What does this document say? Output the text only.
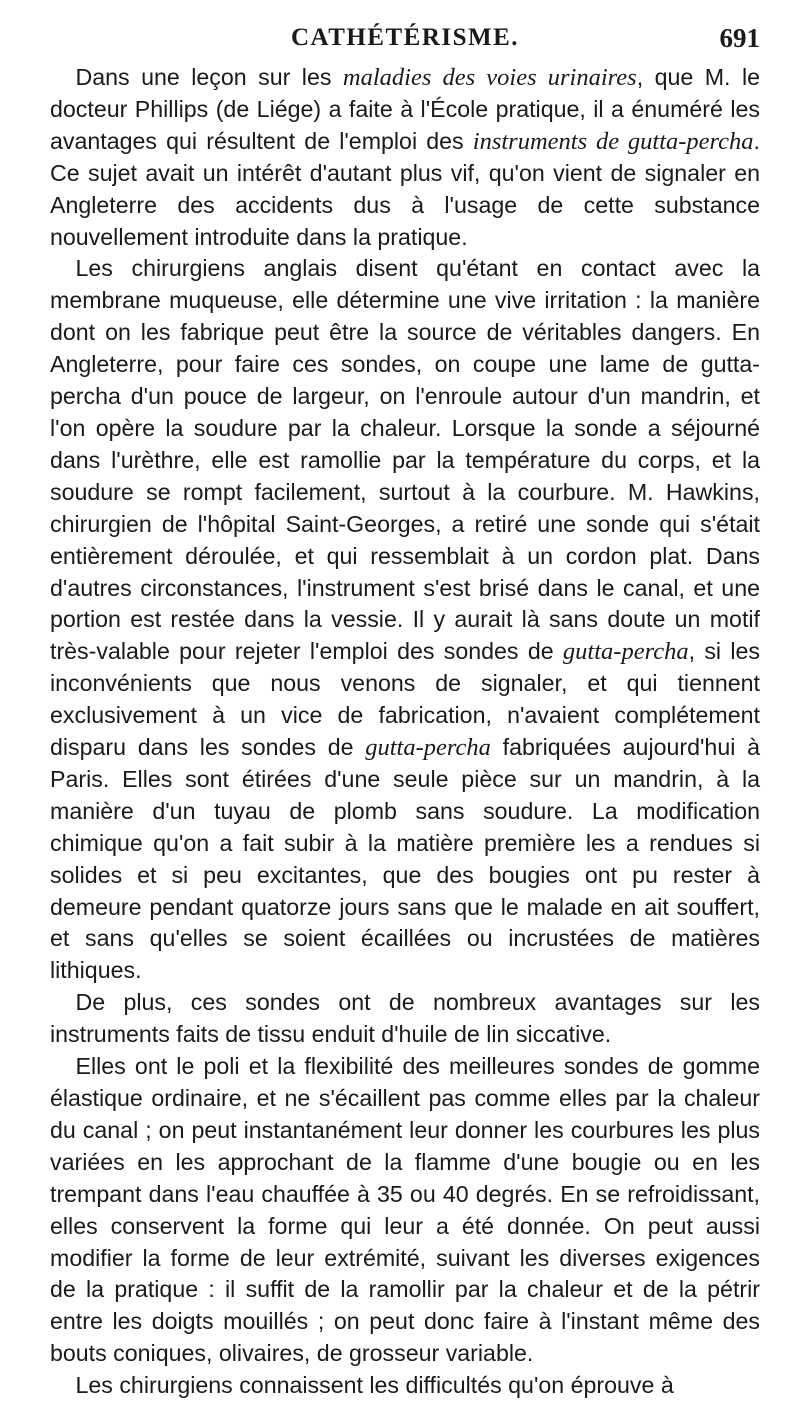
CATHÉTÉRISME.	691

Dans une leçon sur les maladies des voies urinaires, que M. le docteur Phillips (de Liége) a faite à l'École pratique, il a énuméré les avantages qui résultent de l'emploi des instruments de gutta-percha. Ce sujet avait un intérêt d'autant plus vif, qu'on vient de signaler en Angleterre des accidents dus à l'usage de cette substance nouvellement introduite dans la pratique.

Les chirurgiens anglais disent qu'étant en contact avec la membrane muqueuse, elle détermine une vive irritation : la manière dont on les fabrique peut être la source de véritables dangers. En Angleterre, pour faire ces sondes, on coupe une lame de gutta-percha d'un pouce de largeur, on l'enroule autour d'un mandrin, et l'on opère la soudure par la chaleur. Lorsque la sonde a séjourné dans l'urèthre, elle est ramollie par la température du corps, et la soudure se rompt facilement, surtout à la courbure. M. Hawkins, chirurgien de l'hôpital Saint-Georges, a retiré une sonde qui s'était entièrement déroulée, et qui ressemblait à un cordon plat. Dans d'autres circonstances, l'instrument s'est brisé dans le canal, et une portion est restée dans la vessie. Il y aurait là sans doute un motif très-valable pour rejeter l'emploi des sondes de gutta-percha, si les inconvénients que nous venons de signaler, et qui tiennent exclusivement à un vice de fabrication, n'avaient complétement disparu dans les sondes de gutta-percha fabriquées aujourd'hui à Paris. Elles sont étirées d'une seule pièce sur un mandrin, à la manière d'un tuyau de plomb sans soudure. La modification chimique qu'on a fait subir à la matière première les a rendues si solides et si peu excitantes, que des bougies ont pu rester à demeure pendant quatorze jours sans que le malade en ait souffert, et sans qu'elles se soient écaillées ou incrustées de matières lithiques.

De plus, ces sondes ont de nombreux avantages sur les instruments faits de tissu enduit d'huile de lin siccative.

Elles ont le poli et la flexibilité des meilleures sondes de gomme élastique ordinaire, et ne s'écaillent pas comme elles par la chaleur du canal ; on peut instantanément leur donner les courbures les plus variées en les approchant de la flamme d'une bougie ou en les trempant dans l'eau chauffée à 35 ou 40 degrés. En se refroidissant, elles conservent la forme qui leur a été donnée. On peut aussi modifier la forme de leur extrémité, suivant les diverses exigences de la pratique : il suffit de la ramollir par la chaleur et de la pétrir entre les doigts mouillés ; on peut donc faire à l'instant même des bouts coniques, olivaires, de grosseur variable.

Les chirurgiens connaissent les difficultés qu'on éprouve à
